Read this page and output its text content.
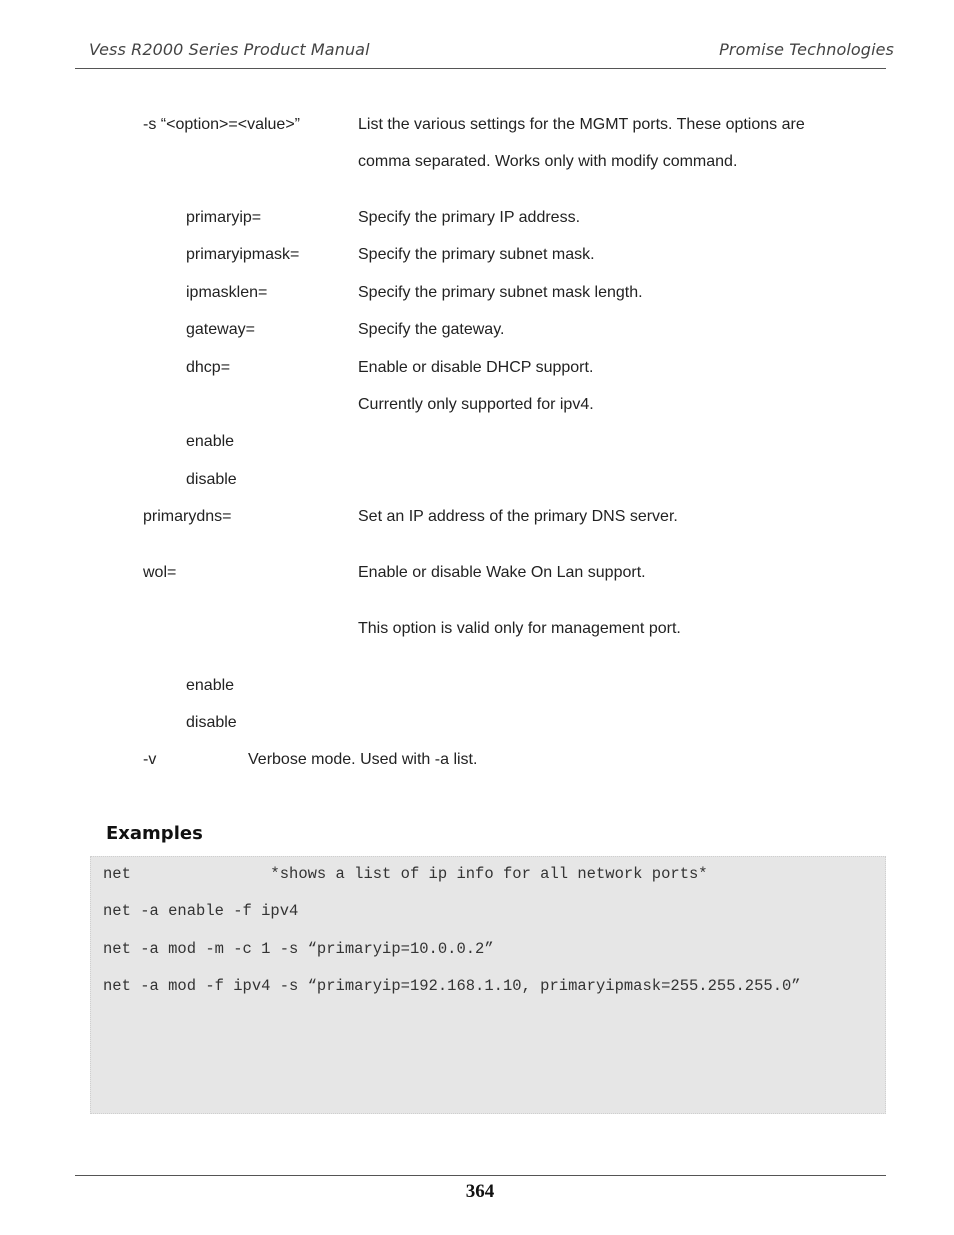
Vess R2000 Series Product Manual	Promise Technologies
-s “<option>=<value>”	List the various settings for the MGMT ports. These options are
comma separated. Works only with modify command.
primaryip=	Specify the primary IP address.
primaryipmask=	Specify the primary subnet mask.
ipmasklen=	Specify the primary subnet mask length.
gateway=	Specify the gateway.
dhcp=	Enable or disable DHCP support.
Currently only supported for ipv4.
enable
disable
primarydns=	Set an IP address of the primary DNS server.
wol=	Enable or disable Wake On Lan support.
This option is valid only for management port.
enable
disable
-v	Verbose mode. Used with -a list.
Examples
net               *shows a list of ip info for all network ports*
net -a enable -f ipv4
net -a mod -m -c 1 -s “primaryip=10.0.0.2”
net -a mod -f ipv4 -s “primaryip=192.168.1.10, primaryipmask=255.255.255.0”
364
